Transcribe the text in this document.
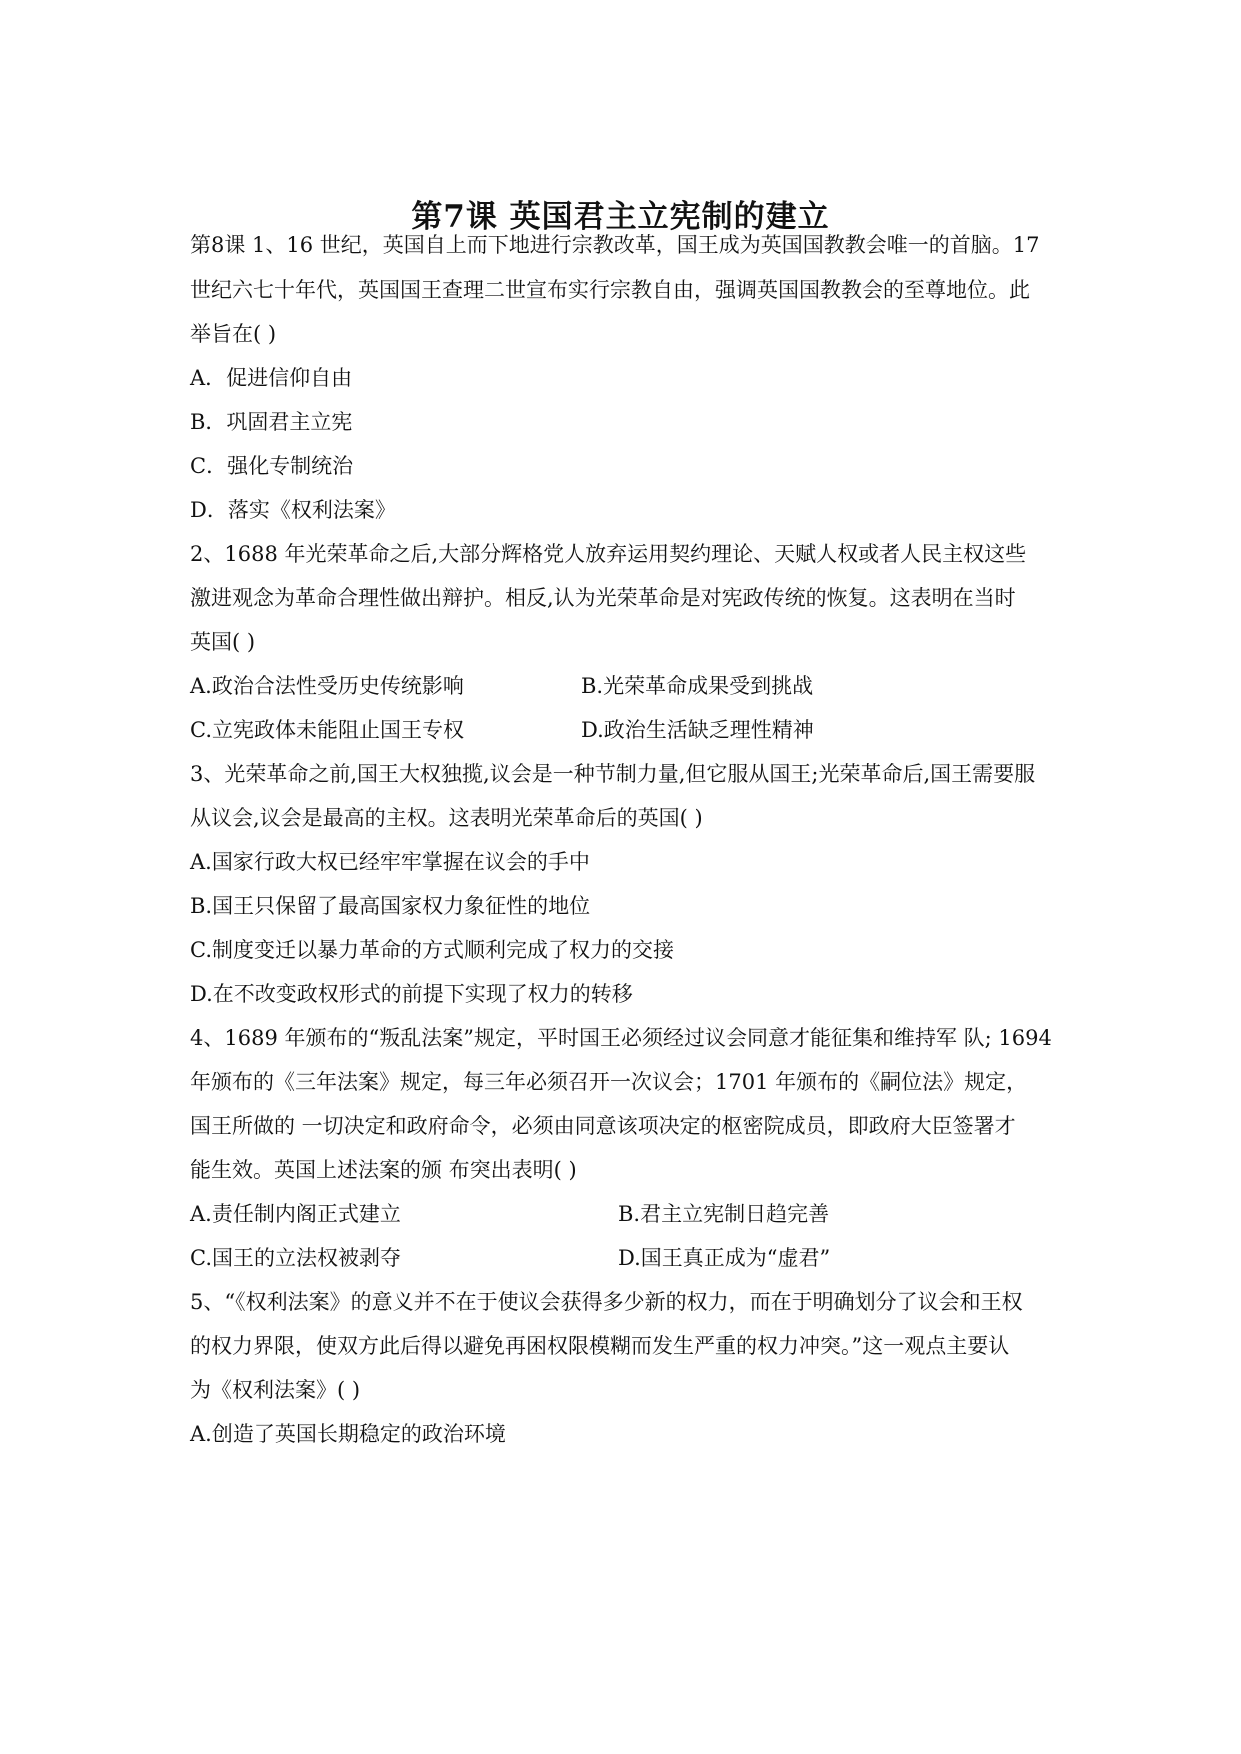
第7课 英国君主立宪制的建立
第8课 1、16 世纪，英国自上而下地进行宗教改革，国王成为英国国教教会唯一的首脑。17
世纪六七十年代，英国国王查理二世宣布实行宗教自由，强调英国国教教会的至尊地位。此
举旨在( )
A．促进信仰自由
B．巩固君主立宪
C．强化专制统治
D．落实《权利法案》
2、1688 年光荣革命之后,大部分辉格党人放弃运用契约理论、天赋人权或者人民主权这些
激进观念为革命合理性做出辩护。相反,认为光荣革命是对宪政传统的恢复。这表明在当时
英国( )
A.政治合法性受历史传统影响	B.光荣革命成果受到挑战
C.立宪政体未能阻止国王专权	D.政治生活缺乏理性精神
3、光荣革命之前,国王大权独揽,议会是一种节制力量,但它服从国王;光荣革命后,国王需要服
从议会,议会是最高的主权。这表明光荣革命后的英国( )
A.国家行政大权已经牢牢掌握在议会的手中
B.国王只保留了最高国家权力象征性的地位
C.制度变迁以暴力革命的方式顺利完成了权力的交接
D.在不改变政权形式的前提下实现了权力的转移
4、1689 年颁布的“叛乱法案”规定，平时国王必须经过议会同意才能征集和维持军 队; 1694
年颁布的《三年法案》规定，每三年必须召开一次议会；1701 年颁布的《嗣位法》规定，
国王所做的 一切决定和政府命令，必须由同意该项决定的枢密院成员，即政府大臣签署才
能生效。英国上述法案的颁 布突出表明( )
A.责任制内阁正式建立	B.君主立宪制日趋完善
C.国王的立法权被剥夺	D.国王真正成为“虚君”
5、“《权利法案》的意义并不在于使议会获得多少新的权力，而在于明确划分了议会和王权
的权力界限，使双方此后得以避免再困权限模糊而发生严重的权力冲突。”这一观点主要认
为《权利法案》( )
A.创造了英国长期稳定的政治环境
